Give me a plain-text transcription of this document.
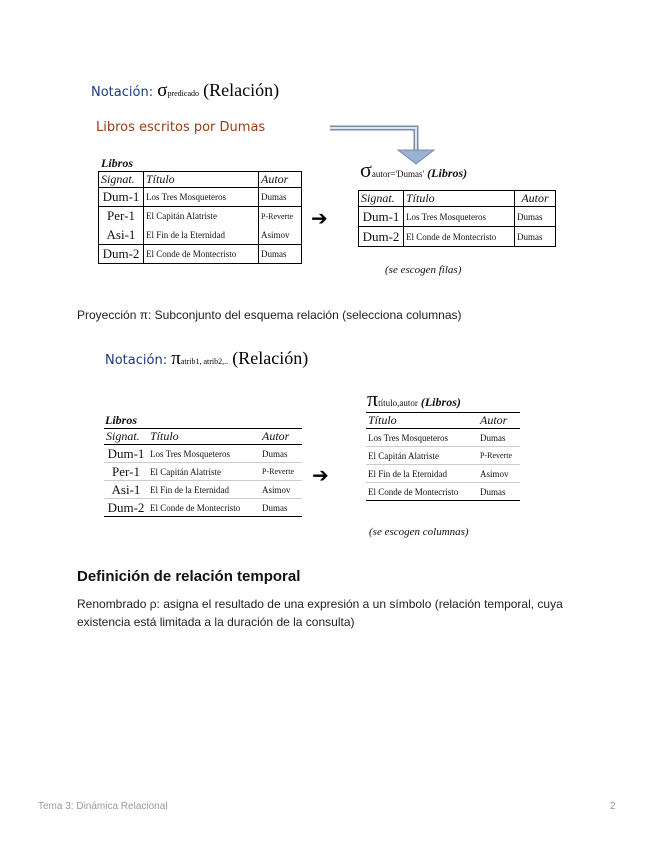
Notación: σpredicado (Relación)
Libros escritos por Dumas
Libros
Signat.	Título	Autor
Dum-1	Los Tres Mosqueteros	Dumas
Per-1	El Capitán Alatriste	P-Reverte
Asi-1	El Fin de la Eternidad	Asimov
Dum-2	El Conde de Montecristo	Dumas
➔
σautor='Dumas' (Libros)
Signat.	Título	Autor
Dum-1	Los Tres Mosqueteros	Dumas
Dum-2	El Conde de Montecristo	Dumas
(se escogen filas)
Proyección π: Subconjunto del esquema relación (selecciona columnas)
Notación: πatrib1, atrib2,.. (Relación)
πtítulo,autor (Libros)
Libros
Signat.	Título	Autor
Dum-1	Los Tres Mosqueteros	Dumas
Per-1	El Capitán Alatriste	P-Reverte
Asi-1	El Fin de la Eternidad	Asimov
Dum-2	El Conde de Montecristo	Dumas
➔
Título	Autor
Los Tres Mosqueteros	Dumas
El Capitán Alatriste	P-Reverte
El Fin de la Eternidad	Asimov
El Conde de Montecristo	Dumas
(se escogen columnas)
Definición de relación temporal
Renombrado ρ: asigna el resultado de una expresión a un símbolo (relación temporal, cuya existencia está limitada a la duración de la consulta)
Tema 3: Dinámica Relacional	2
